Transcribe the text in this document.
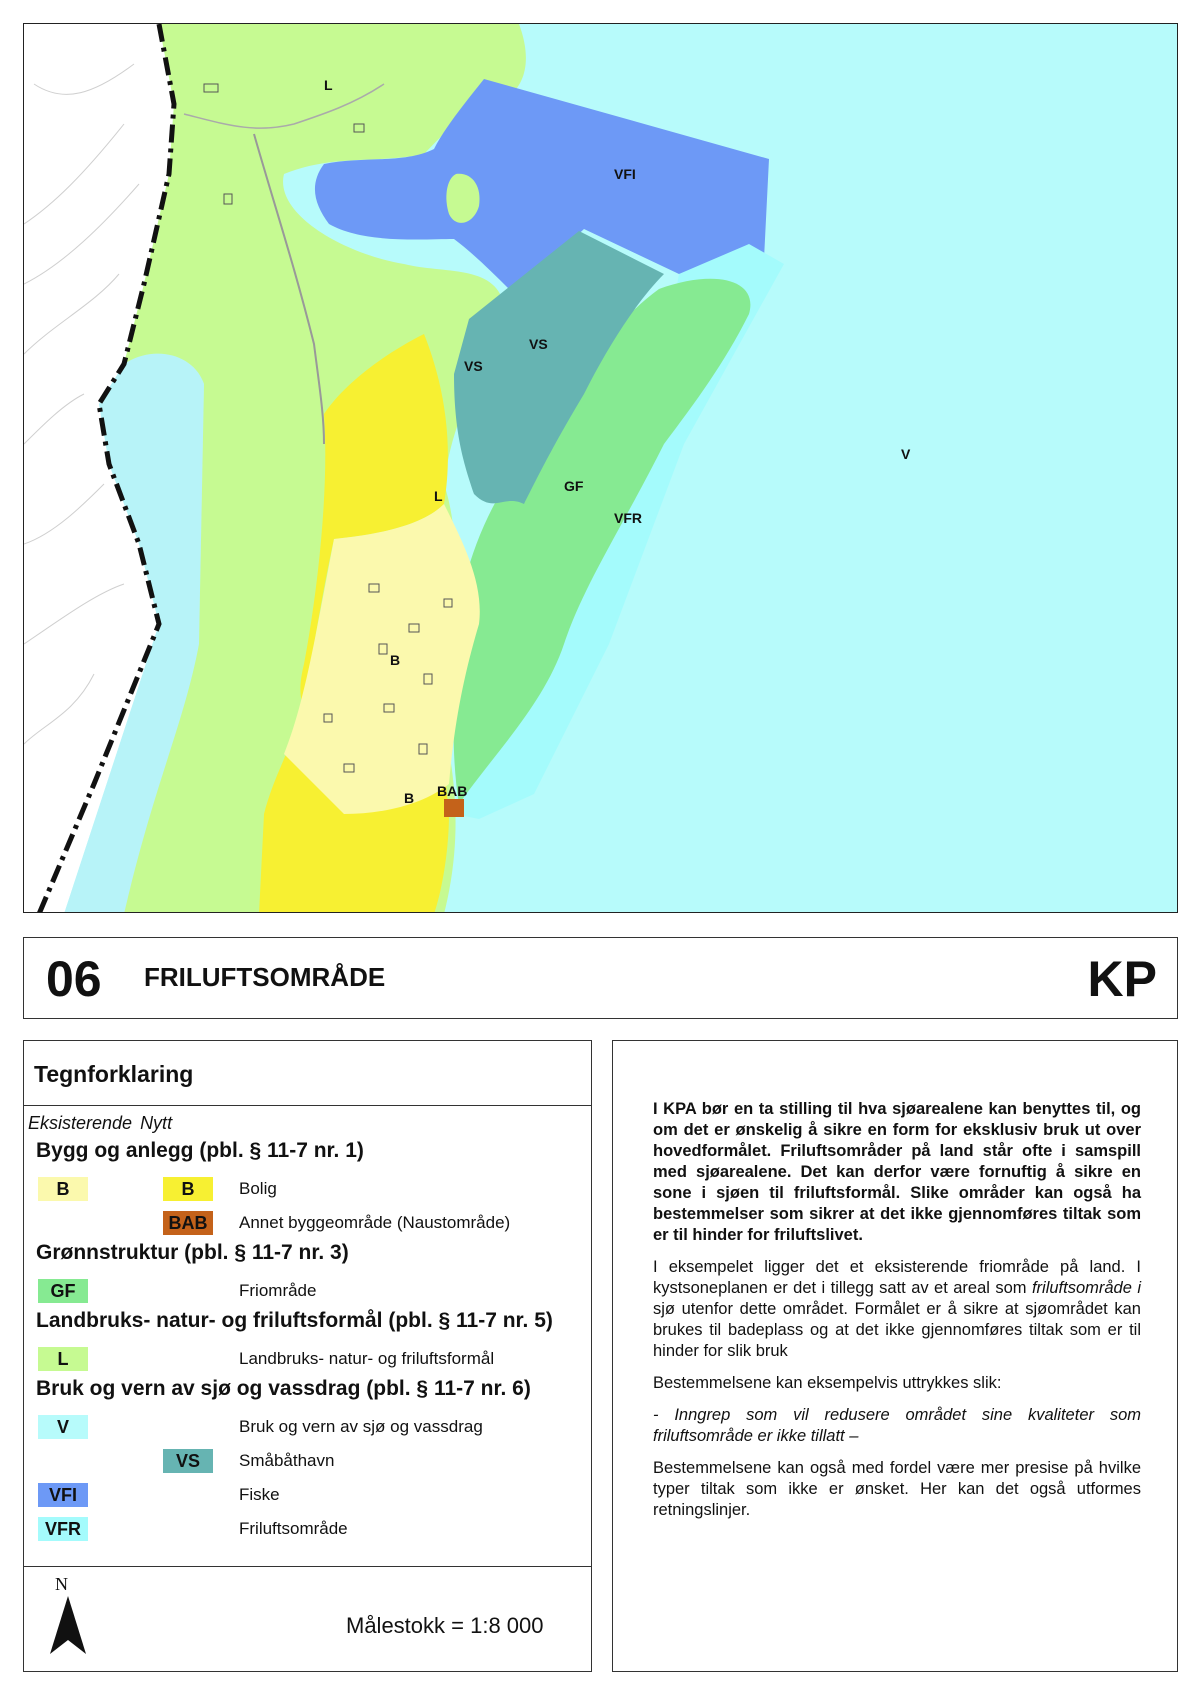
L
VFI
VS
VS
V
L
GF
VFR
B
B BAB
06 FRILUFTSOMRÅDE	KP
Tegnforklaring
Eksisterende Nytt
Bygg og anlegg (pbl. § 11-7 nr. 1)
B	B	Bolig
BAB	Annet byggeområde (Naustområde)
Grønnstruktur (pbl. § 11-7 nr. 3)
GF	Friområde
Landbruks- natur- og friluftsformål (pbl. § 11-7 nr. 5)
L	Landbruks- natur- og friluftsformål
Bruk og vern av sjø og vassdrag (pbl. § 11-7 nr. 6)
V	Bruk og vern av sjø og vassdrag
VS	Småbåthavn
VFI	Fiske
VFR	Friluftsområde
N
Målestokk = 1:8 000

I KPA bør en ta stilling til hva sjøarealene kan benyttes til, og om det er ønskelig å sikre en form for eksklusiv bruk ut over hovedformålet. Friluftsområder på land står ofte i samspill med sjøarealene. Det kan derfor være fornuftig å sikre en sone i sjøen til friluftsformål. Slike områder kan også ha bestemmelser som sikrer at det ikke gjennomføres tiltak som er til hinder for friluftslivet.

I eksempelet ligger det et eksisterende friområde på land. I kystsoneplanen er det i tillegg satt av et areal som friluftsområde i sjø utenfor dette området. Formålet er å sikre at sjøområdet kan brukes til badeplass og at det ikke gjennomføres tiltak som er til hinder for slik bruk

Bestemmelsene kan eksempelvis uttrykkes slik:

- Inngrep som vil redusere området sine kvaliteter som friluftsområde er ikke tillatt –

Bestemmelsene kan også med fordel være mer presise på hvilke typer tiltak som ikke er ønsket. Her kan det også utformes retningslinjer.
